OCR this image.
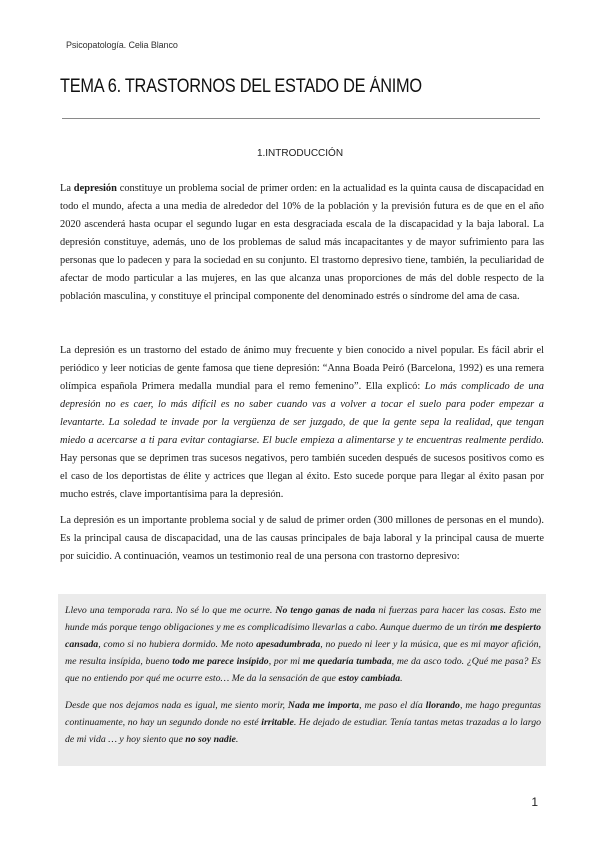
Psicopatología. Celia Blanco
TEMA 6. TRASTORNOS DEL ESTADO DE ÁNIMO
1.INTRODUCCIÓN

La depresión constituye un problema social de primer orden: en la actualidad es la quinta causa de discapacidad en todo el mundo, afecta a una media de alrededor del 10% de la población y la previsión futura es de que en el año 2020 ascenderá hasta ocupar el segundo lugar en esta desgraciada escala de la discapacidad y la baja laboral. La depresión constituye, además, uno de los problemas de salud más incapacitantes y de mayor sufrimiento para las personas que lo padecen y para la sociedad en su conjunto. El trastorno depresivo tiene, también, la peculiaridad de afectar de modo particular a las mujeres, en las que alcanza unas proporciones de más del doble respecto de la población masculina, y constituye el principal componente del denominado estrés o síndrome del ama de casa.

La depresión es un trastorno del estado de ánimo muy frecuente y bien conocido a nivel popular. Es fácil abrir el periódico y leer noticias de gente famosa que tiene depresión: “Anna Boada Peiró (Barcelona, 1992) es una remera olímpica española Primera medalla mundial para el remo femenino”. Ella explicó: Lo más complicado de una depresión no es caer, lo más difícil es no saber cuando vas a volver a tocar el suelo para poder empezar a levantarte. La soledad te invade por la vergüenza de ser juzgado, de que la gente sepa la realidad, que tengan miedo a acercarse a ti para evitar contagiarse. El bucle empieza a alimentarse y te encuentras realmente perdido. Hay personas que se deprimen tras sucesos negativos, pero también suceden después de sucesos positivos como es el caso de los deportistas de élite y actrices que llegan al éxito. Esto sucede porque para llegar al éxito pasan por mucho estrés, clave importantísima para la depresión.

La depresión es un importante problema social y de salud de primer orden (300 millones de personas en el mundo). Es la principal causa de discapacidad, una de las causas principales de baja laboral y la principal causa de muerte por suicidio. A continuación, veamos un testimonio real de una persona con trastorno depresivo:

Llevo una temporada rara. No sé lo que me ocurre. No tengo ganas de nada ni fuerzas para hacer las cosas. Esto me hunde más porque tengo obligaciones y me es complicadísimo llevarlas a cabo. Aunque duermo de un tirón me despierto cansada, como si no hubiera dormido. Me noto apesadumbrada, no puedo ni leer y la música, que es mi mayor afición, me resulta insípida, bueno todo me parece insípido, por mi me quedaría tumbada, me da asco todo. ¿Qué me pasa? Es que no entiendo por qué me ocurre esto… Me da la sensación de que estoy cambiada.

Desde que nos dejamos nada es igual, me siento morir, Nada me importa, me paso el día llorando, me hago preguntas continuamente, no hay un segundo donde no esté irritable. He dejado de estudiar. Tenía tantas metas trazadas a lo largo de mi vida … y hoy siento que no soy nadie.

1
